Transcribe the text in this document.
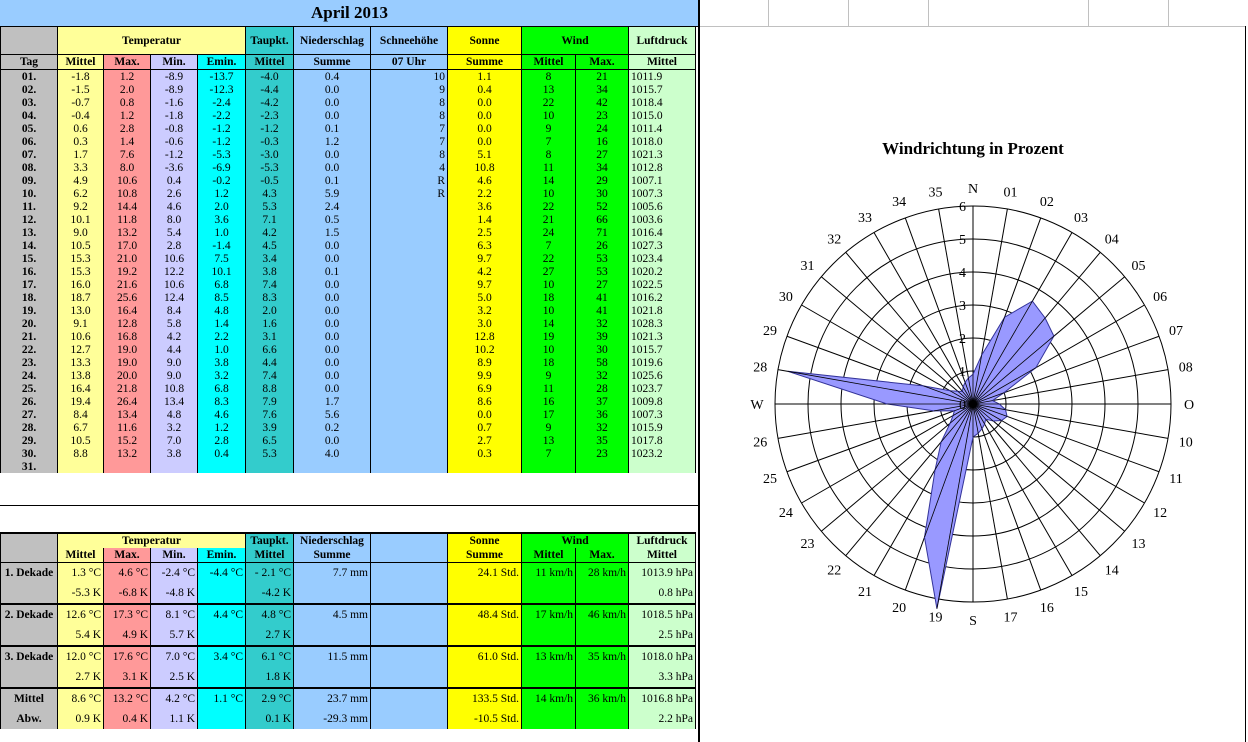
April 2013
	Temperatur				Taupkt.	Niederschlag	Schneehöhe	Sonne	Wind		Luftdruck
Tag	Mittel	Max.	Min.	Emin.	Mittel	Summe	07 Uhr	Summe	Mittel	Max.	Mittel
01.	-1.8	1.2	-8.9	-13.7	-4.0	0.4	10	1.1	8	21	1011.9
02.	-1.5	2.0	-8.9	-12.3	-4.4	0.0	9	0.4	13	34	1015.7
03.	-0.7	0.8	-1.6	-2.4	-4.2	0.0	8	0.0	22	42	1018.4
04.	-0.4	1.2	-1.8	-2.2	-2.3	0.0	8	0.0	10	23	1015.0
05.	0.6	2.8	-0.8	-1.2	-1.2	0.1	7	0.0	9	24	1011.4
06.	0.3	1.4	-0.6	-1.2	-0.3	1.2	7	0.0	7	16	1018.0
07.	1.7	7.6	-1.2	-5.3	-3.0	0.0	8	5.1	8	27	1021.3
08.	3.3	8.0	-3.6	-6.9	-5.3	0.0	4	10.8	11	34	1012.8
09.	4.9	10.6	0.4	-0.2	-0.5	0.1	R	4.6	14	29	1007.1
10.	6.2	10.8	2.6	1.2	4.3	5.9	R	2.2	10	30	1007.3
11.	9.2	14.4	4.6	2.0	5.3	2.4		3.6	22	52	1005.6
12.	10.1	11.8	8.0	3.6	7.1	0.5		1.4	21	66	1003.6
13.	9.0	13.2	5.4	1.0	4.2	1.5		2.5	24	71	1016.4
14.	10.5	17.0	2.8	-1.4	4.5	0.0		6.3	7	26	1027.3
15.	15.3	21.0	10.6	7.5	3.4	0.0		9.7	22	53	1023.4
16.	15.3	19.2	12.2	10.1	3.8	0.1		4.2	27	53	1020.2
17.	16.0	21.6	10.6	6.8	7.4	0.0		9.7	10	27	1022.5
18.	18.7	25.6	12.4	8.5	8.3	0.0		5.0	18	41	1016.2
19.	13.0	16.4	8.4	4.8	2.0	0.0		3.2	10	41	1021.8
20.	9.1	12.8	5.8	1.4	1.6	0.0		3.0	14	32	1028.3
21.	10.6	16.8	4.2	2.2	3.1	0.0		12.8	19	39	1021.3
22.	12.7	19.0	4.4	1.0	6.6	0.0		10.2	10	30	1015.7
23.	13.3	19.0	9.0	3.8	4.4	0.0		8.9	18	58	1019.6
24.	13.8	20.0	9.0	3.2	7.4	0.0		9.9	9	32	1025.6
25.	16.4	21.8	10.8	6.8	8.8	0.0		6.9	11	28	1023.7
26.	19.4	26.4	13.4	8.3	7.9	1.7		8.6	16	37	1009.8
27.	8.4	13.4	4.8	4.6	7.6	5.6		0.0	17	36	1007.3
28.	6.7	11.6	3.2	1.2	3.9	0.2		0.7	9	32	1015.9
29.	10.5	15.2	7.0	2.8	6.5	0.0		2.7	13	35	1017.8
30.	8.8	13.2	3.8	0.4	5.3	4.0		0.3	7	23	1023.2
31.											
	Temperatur				Taupkt.	Niederschlag		Sonne	Wind		Luftdruck
	Mittel	Max.	Min.	Emin.	Mittel	Summe		Summe	Mittel	Max.	Mittel
1. Dekade	1.3 °C	4.6 °C	-2.4 °C	-4.4 °C	- 2.1 °C	7.7 mm		24.1 Std.	11 km/h	28 km/h	1013.9 hPa
	-5.3 K	-6.8 K	-4.8 K		-4.2 K						0.8 hPa
2. Dekade	12.6 °C	17.3 °C	8.1 °C	4.4 °C	4.8 °C	4.5 mm		48.4 Std.	17 km/h	46 km/h	1018.5 hPa
	5.4 K	4.9 K	5.7 K		2.7 K						2.5 hPa
3. Dekade	12.0 °C	17.6 °C	7.0 °C	3.4 °C	6.1 °C	11.5 mm		61.0 Std.	13 km/h	35 km/h	1018.0 hPa
	2.7 K	3.1 K	2.5 K		1.8 K						3.3 hPa
Mittel	8.6 °C	13.2 °C	4.2 °C	1.1 °C	2.9 °C	23.7 mm		133.5 Std.	14 km/h	36 km/h	1016.8 hPa
Abw.	0.9 K	0.4 K	1.1 K		0.1 K	-29.3 mm		-10.5 Std.			2.2 hPa
Windrichtung in Prozent
0
1
2
3
4
5
6
01
02
03
04
05
06
07
08
10
11
12
13
14
15
16
17
19
20
21
22
23
24
25
26
28
29
30
31
32
33
34
35 N
O
S
W
